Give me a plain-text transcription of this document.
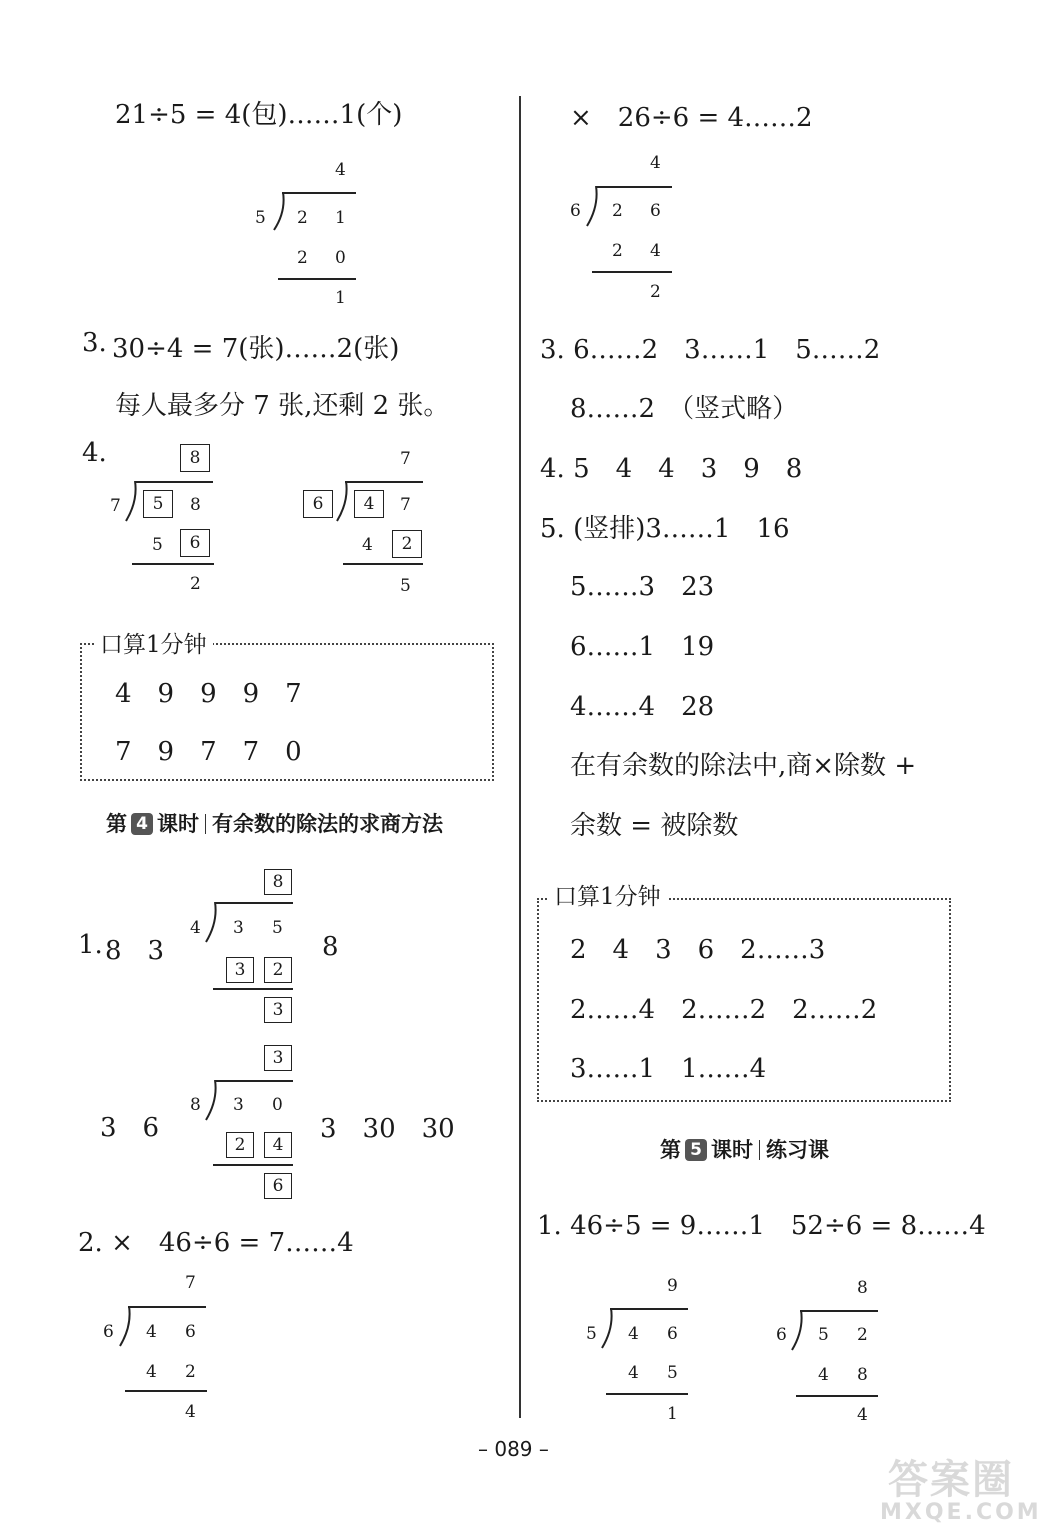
21÷5 = 4(包)……1(个)
4
5 2 1
2 0
1
3. 30÷4 = 7(张)……2(张)
每人最多分 7 张,还剩 2 张。
4.	8
7	5	8
5	6
2
7
6	4	7
4	2
5
口算1分钟
4　9　9　9　7
7　9　7　7　0
第 4 课时 有余数的除法的求商方法
1. 8　3	8
8
4 3 5
3	2
3
3　6	3　30　30
3
8 3 0
2	4
6
2. ×　46÷6 = 7……4
7
6 4 6
4 2
4
×　26÷6 = 4……2
4
6 2 6
2 4
2
3. 6……2　3……1　5……2
8……2　（竖式略）
4. 5　4　4　3　9　8
5. (竖排)3……1　16
5……3　23
6……1　19
4……4　28
在有余数的除法中,商×除数 +
余数 = 被除数
口算1分钟
2　4　3　6　2……3
2……4　2……2　2……2
3……1　1……4
第 5 课时 练习课
1. 46÷5 = 9……1　52÷6 = 8……4
9
5 4 6
4 5
1
8
6 5 2
4 8
4
– 089 –
答案圈
MXQE.COM
